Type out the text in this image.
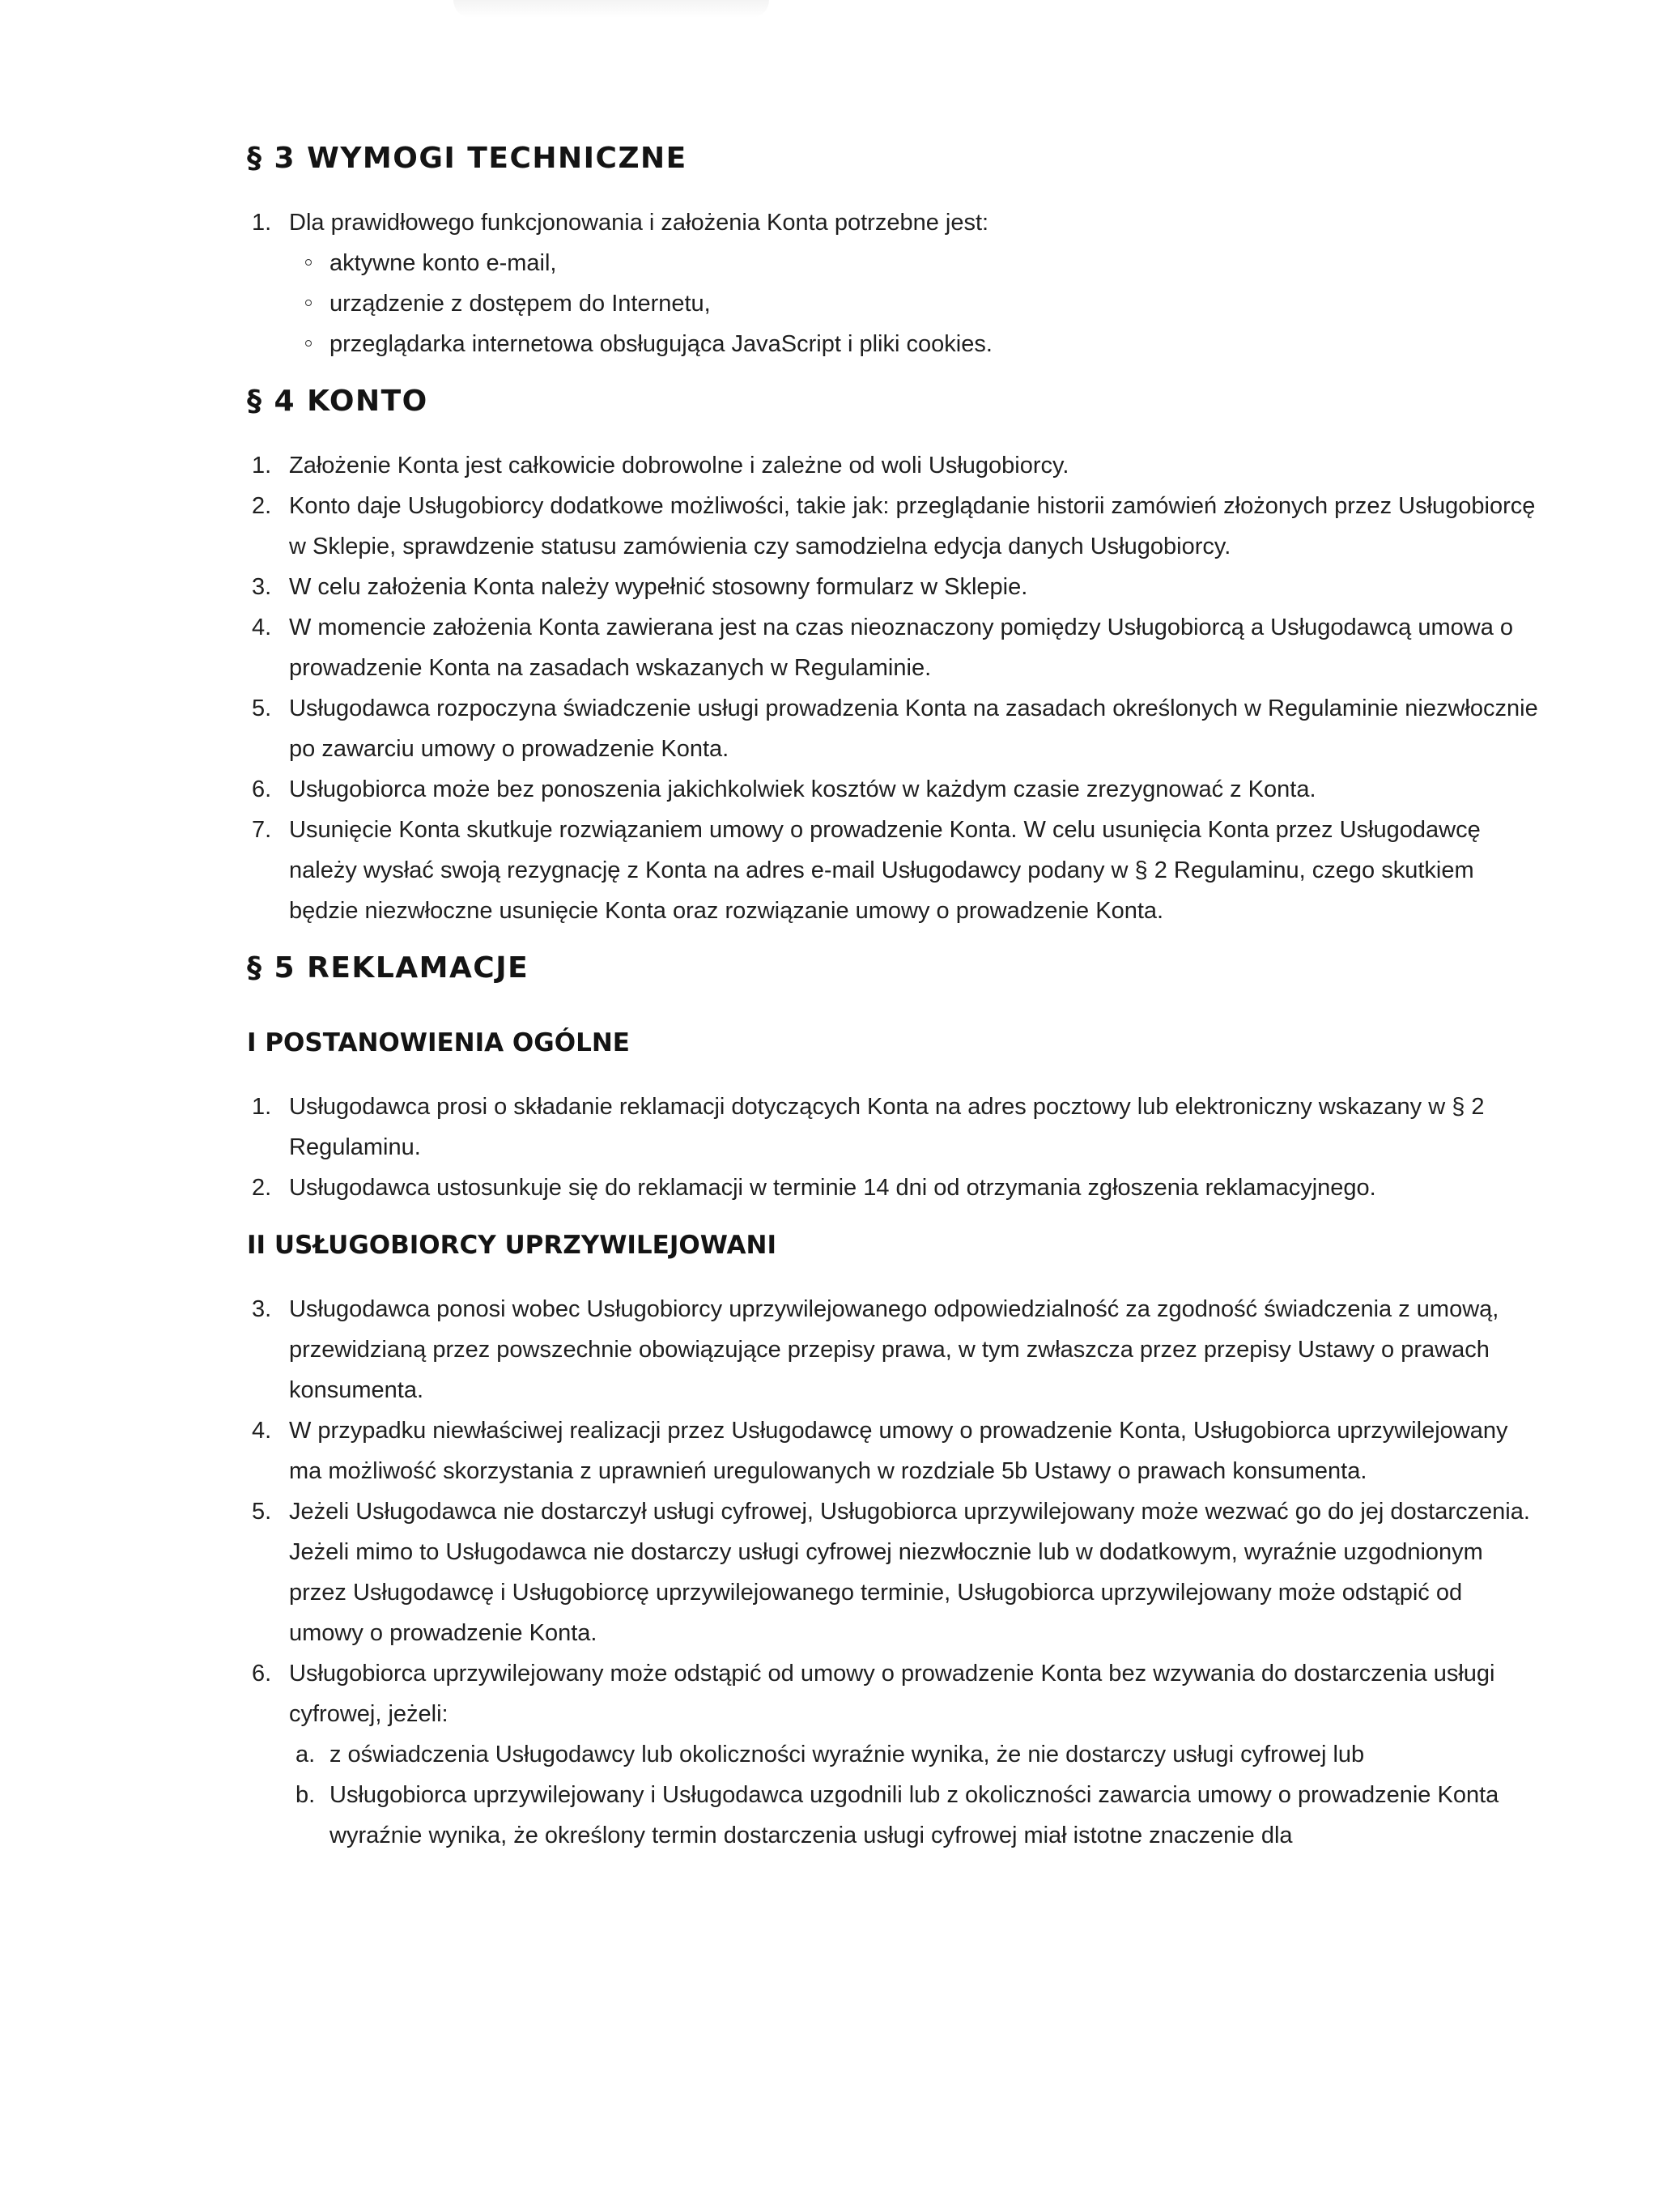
§ 3 WYMOGI TECHNICZNE
1. Dla prawidłowego funkcjonowania i założenia Konta potrzebne jest:
aktywne konto e-mail,
urządzenie z dostępem do Internetu,
przeglądarka internetowa obsługująca JavaScript i pliki cookies.
§ 4 KONTO
1. Założenie Konta jest całkowicie dobrowolne i zależne od woli Usługobiorcy.
2. Konto daje Usługobiorcy dodatkowe możliwości, takie jak: przeglądanie historii zamówień złożonych przez Usługobiorcę w Sklepie, sprawdzenie statusu zamówienia czy samodzielna edycja danych Usługobiorcy.
3. W celu założenia Konta należy wypełnić stosowny formularz w Sklepie.
4. W momencie założenia Konta zawierana jest na czas nieoznaczony pomiędzy Usługobiorcą a Usługodawcą umowa o prowadzenie Konta na zasadach wskazanych w Regulaminie.
5. Usługodawca rozpoczyna świadczenie usługi prowadzenia Konta na zasadach określonych w Regulaminie niezwłocznie po zawarciu umowy o prowadzenie Konta.
6. Usługobiorca może bez ponoszenia jakichkolwiek kosztów w każdym czasie zrezygnować z Konta.
7. Usunięcie Konta skutkuje rozwiązaniem umowy o prowadzenie Konta. W celu usunięcia Konta przez Usługodawcę należy wysłać swoją rezygnację z Konta na adres e-mail Usługodawcy podany w § 2 Regulaminu, czego skutkiem będzie niezwłoczne usunięcie Konta oraz rozwiązanie umowy o prowadzenie Konta.
§ 5 REKLAMACJE
I POSTANOWIENIA OGÓLNE
1. Usługodawca prosi o składanie reklamacji dotyczących Konta na adres pocztowy lub elektroniczny wskazany w § 2 Regulaminu.
2. Usługodawca ustosunkuje się do reklamacji w terminie 14 dni od otrzymania zgłoszenia reklamacyjnego.
II USŁUGOBIORCY UPRZYWILEJOWANI
3. Usługodawca ponosi wobec Usługobiorcy uprzywilejowanego odpowiedzialność za zgodność świadczenia z umową, przewidzianą przez powszechnie obowiązujące przepisy prawa, w tym zwłaszcza przez przepisy Ustawy o prawach konsumenta.
4. W przypadku niewłaściwej realizacji przez Usługodawcę umowy o prowadzenie Konta, Usługobiorca uprzywilejowany ma możliwość skorzystania z uprawnień uregulowanych w rozdziale 5b Ustawy o prawach konsumenta.
5. Jeżeli Usługodawca nie dostarczył usługi cyfrowej, Usługobiorca uprzywilejowany może wezwać go do jej dostarczenia. Jeżeli mimo to Usługodawca nie dostarczy usługi cyfrowej niezwłocznie lub w dodatkowym, wyraźnie uzgodnionym przez Usługodawcę i Usługobiorcę uprzywilejowanego terminie, Usługobiorca uprzywilejowany może odstąpić od umowy o prowadzenie Konta.
6. Usługobiorca uprzywilejowany może odstąpić od umowy o prowadzenie Konta bez wzywania do dostarczenia usługi cyfrowej, jeżeli:
a. z oświadczenia Usługodawcy lub okoliczności wyraźnie wynika, że nie dostarczy usługi cyfrowej lub
b. Usługobiorca uprzywilejowany i Usługodawca uzgodnili lub z okoliczności zawarcia umowy o prowadzenie Konta wyraźnie wynika, że określony termin dostarczenia usługi cyfrowej miał istotne znaczenie dla
